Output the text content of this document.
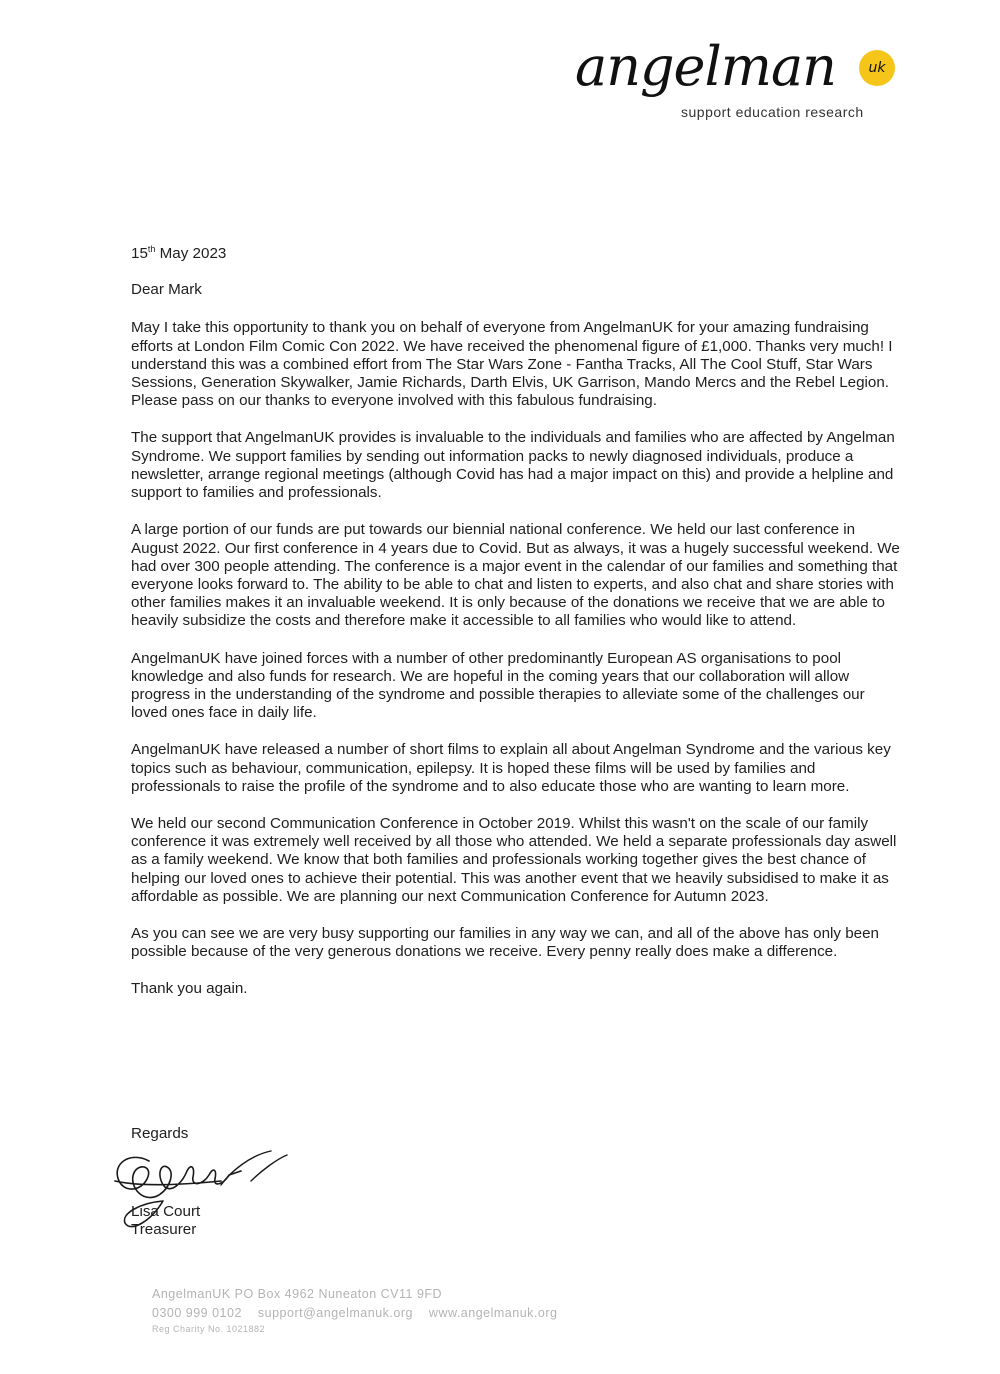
angelman	uk
support education research

15th May 2023

Dear Mark

May I take this opportunity to thank you on behalf of everyone from AngelmanUK for your amazing fundraising efforts at London Film Comic Con 2022. We have received the phenomenal figure of £1,000. Thanks very much! I understand this was a combined effort from The Star Wars Zone - Fantha Tracks, All The Cool Stuff, Star Wars Sessions, Generation Skywalker, Jamie Richards, Darth Elvis, UK Garrison, Mando Mercs and the Rebel Legion. Please pass on our thanks to everyone involved with this fabulous fundraising.

The support that AngelmanUK provides is invaluable to the individuals and families who are affected by Angelman Syndrome. We support families by sending out information packs to newly diagnosed individuals, produce a newsletter, arrange regional meetings (although Covid has had a major impact on this) and provide a helpline and support to families and professionals.

A large portion of our funds are put towards our biennial national conference. We held our last conference in August 2022. Our first conference in 4 years due to Covid. But as always, it was a hugely successful weekend. We had over 300 people attending. The conference is a major event in the calendar of our families and something that everyone looks forward to. The ability to be able to chat and listen to experts, and also chat and share stories with other families makes it an invaluable weekend. It is only because of the donations we receive that we are able to heavily subsidize the costs and therefore make it accessible to all families who would like to attend.

AngelmanUK have joined forces with a number of other predominantly European AS organisations to pool knowledge and also funds for research. We are hopeful in the coming years that our collaboration will allow progress in the understanding of the syndrome and possible therapies to alleviate some of the challenges our loved ones face in daily life.

AngelmanUK have released a number of short films to explain all about Angelman Syndrome and the various key topics such as behaviour, communication, epilepsy. It is hoped these films will be used by families and professionals to raise the profile of the syndrome and to also educate those who are wanting to learn more.

We held our second Communication Conference in October 2019. Whilst this wasn't on the scale of our family conference it was extremely well received by all those who attended. We held a separate professionals day aswell as a family weekend. We know that both families and professionals working together gives the best chance of helping our loved ones to achieve their potential. This was another event that we heavily subsidised to make it as affordable as possible. We are planning our next Communication Conference for Autumn 2023.

As you can see we are very busy supporting our families in any way we can, and all of the above has only been possible because of the very generous donations we receive. Every penny really does make a difference.

Thank you again.

Regards
Lisa Court
Treasurer
AngelmanUK PO Box 4962 Nuneaton CV11 9FD
0300 999 0102 support@angelmanuk.org www.angelmanuk.org
Reg Charity No. 1021882
